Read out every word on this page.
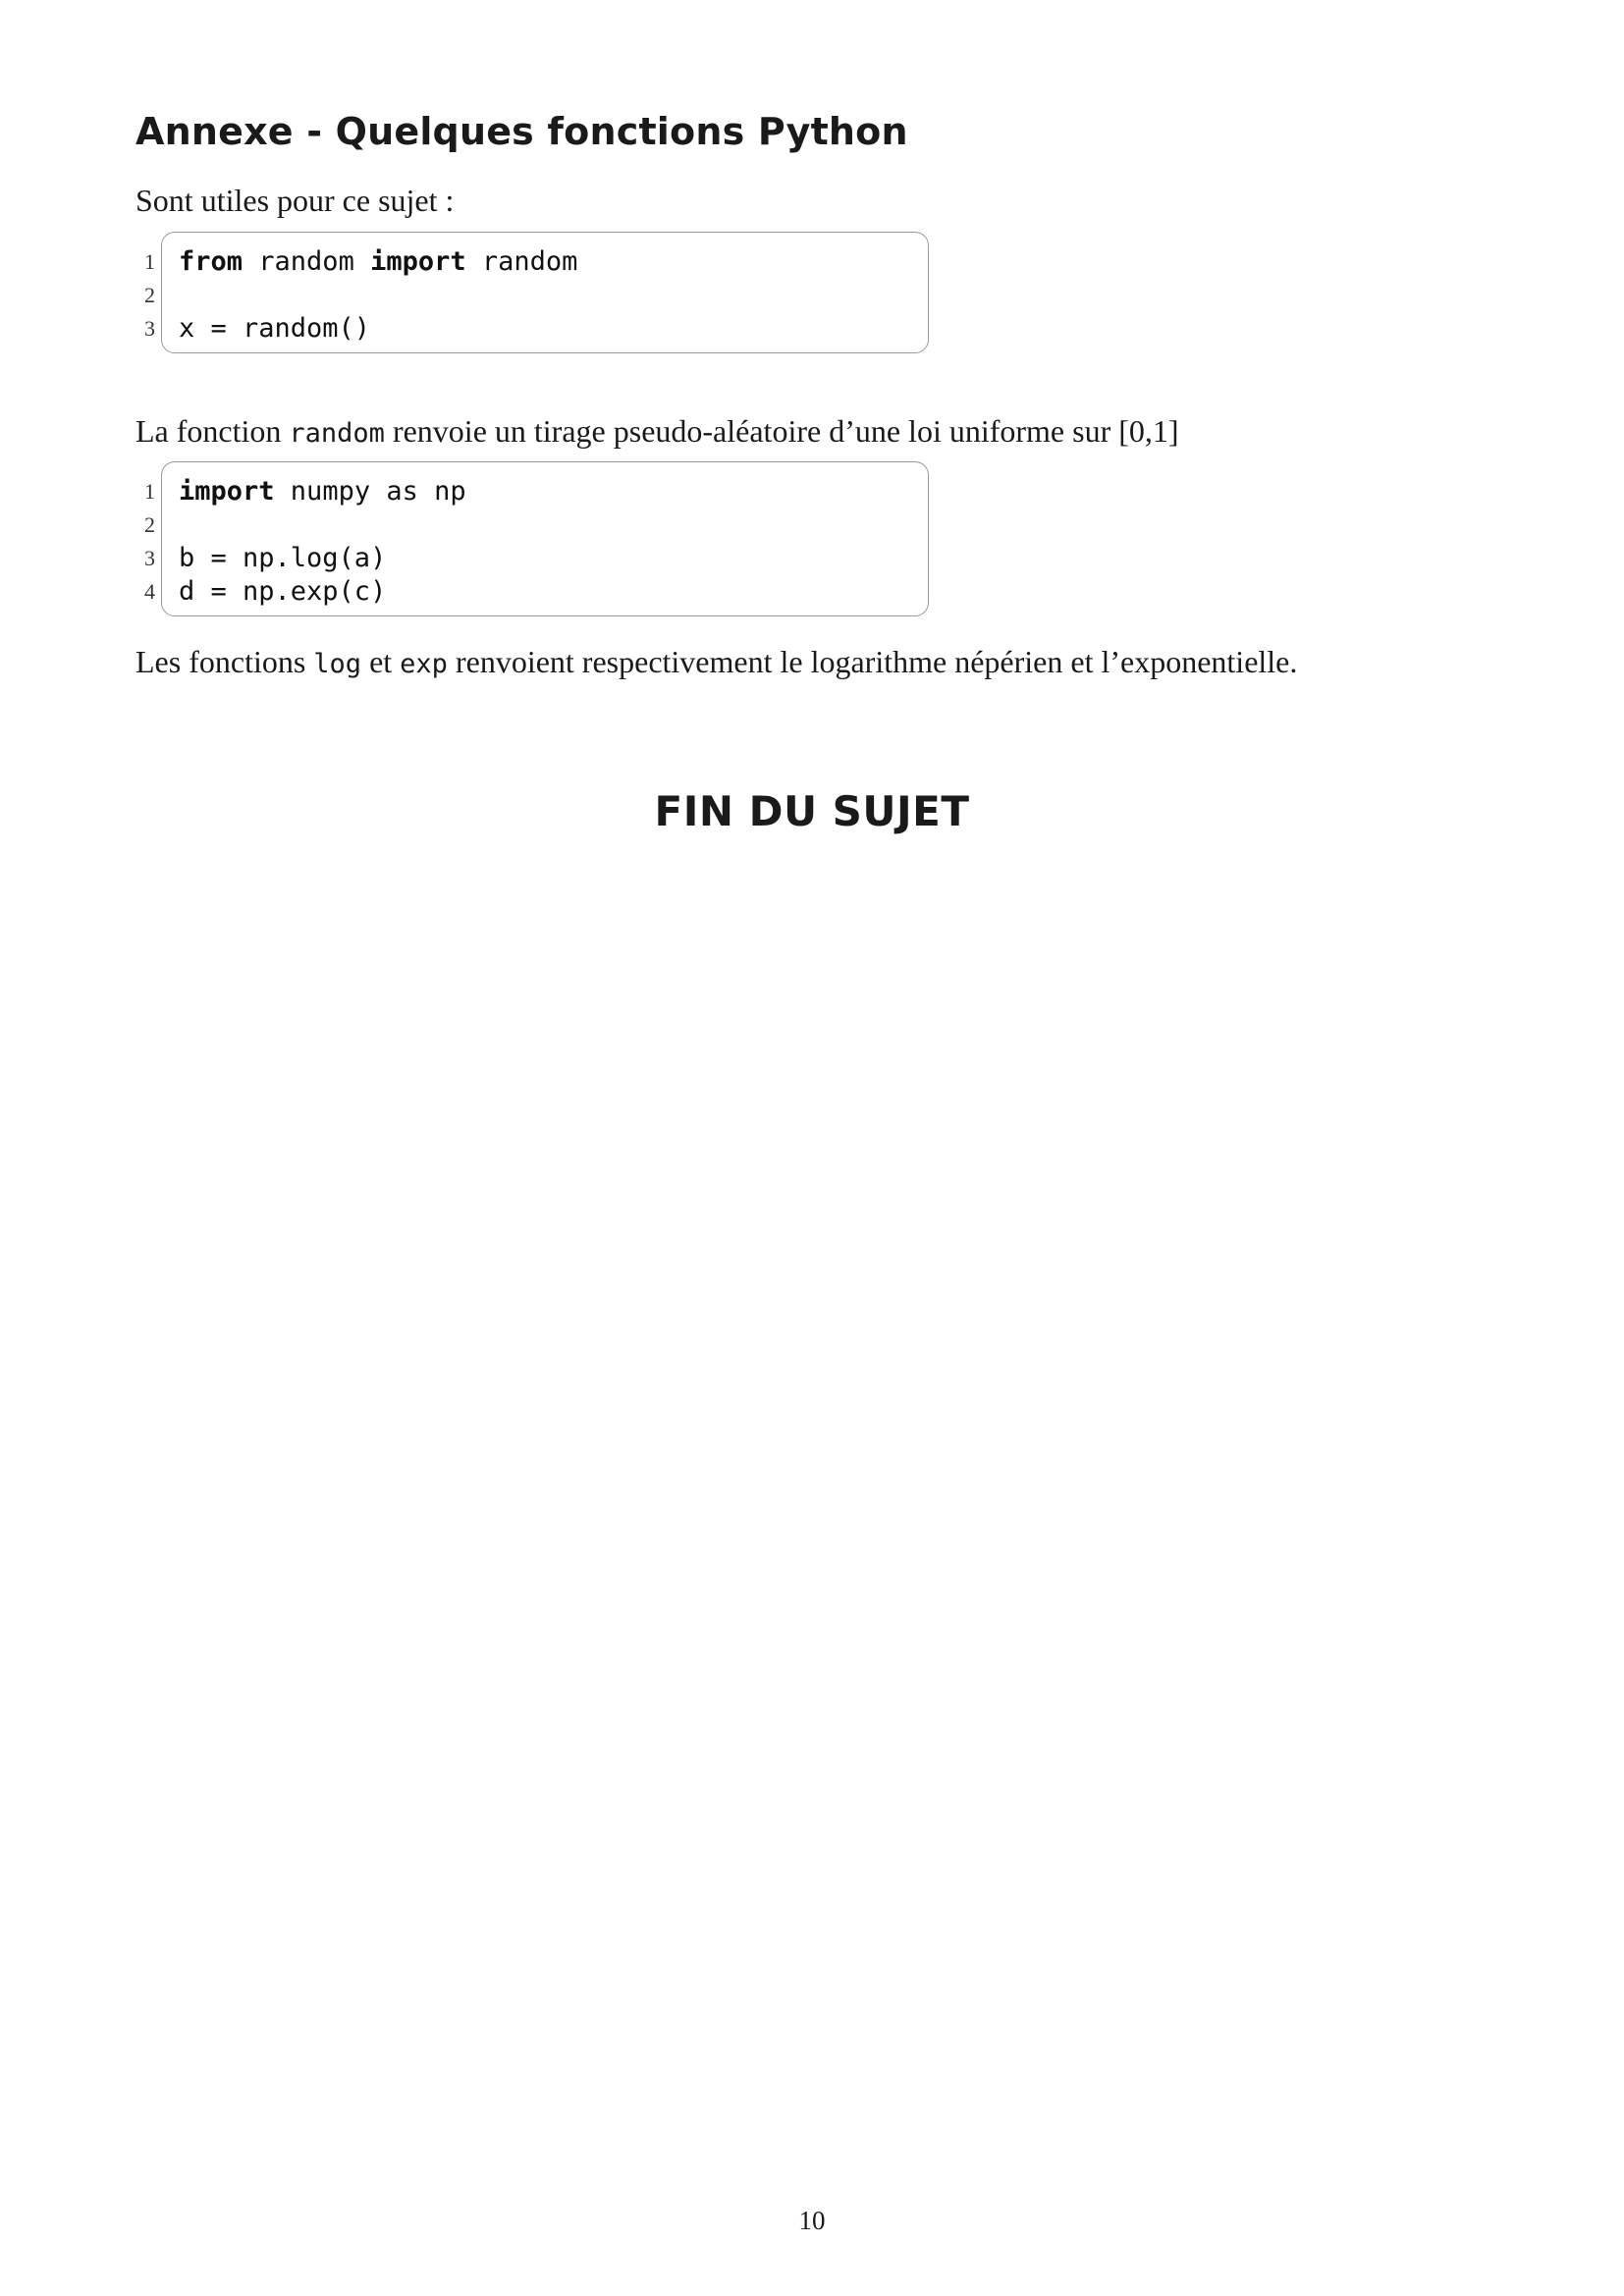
Annexe - Quelques fonctions Python

Sont utiles pour ce sujet :

1
2
3
from random import random
x = random()

La fonction random renvoie un tirage pseudo-aléatoire d’une loi uniforme sur [0,1]

1
2
3
4
import numpy as np
b = np.log(a)
d = np.exp(c)

Les fonctions log et exp renvoient respectivement le logarithme népérien et l’exponentielle.

FIN DU SUJET
10
